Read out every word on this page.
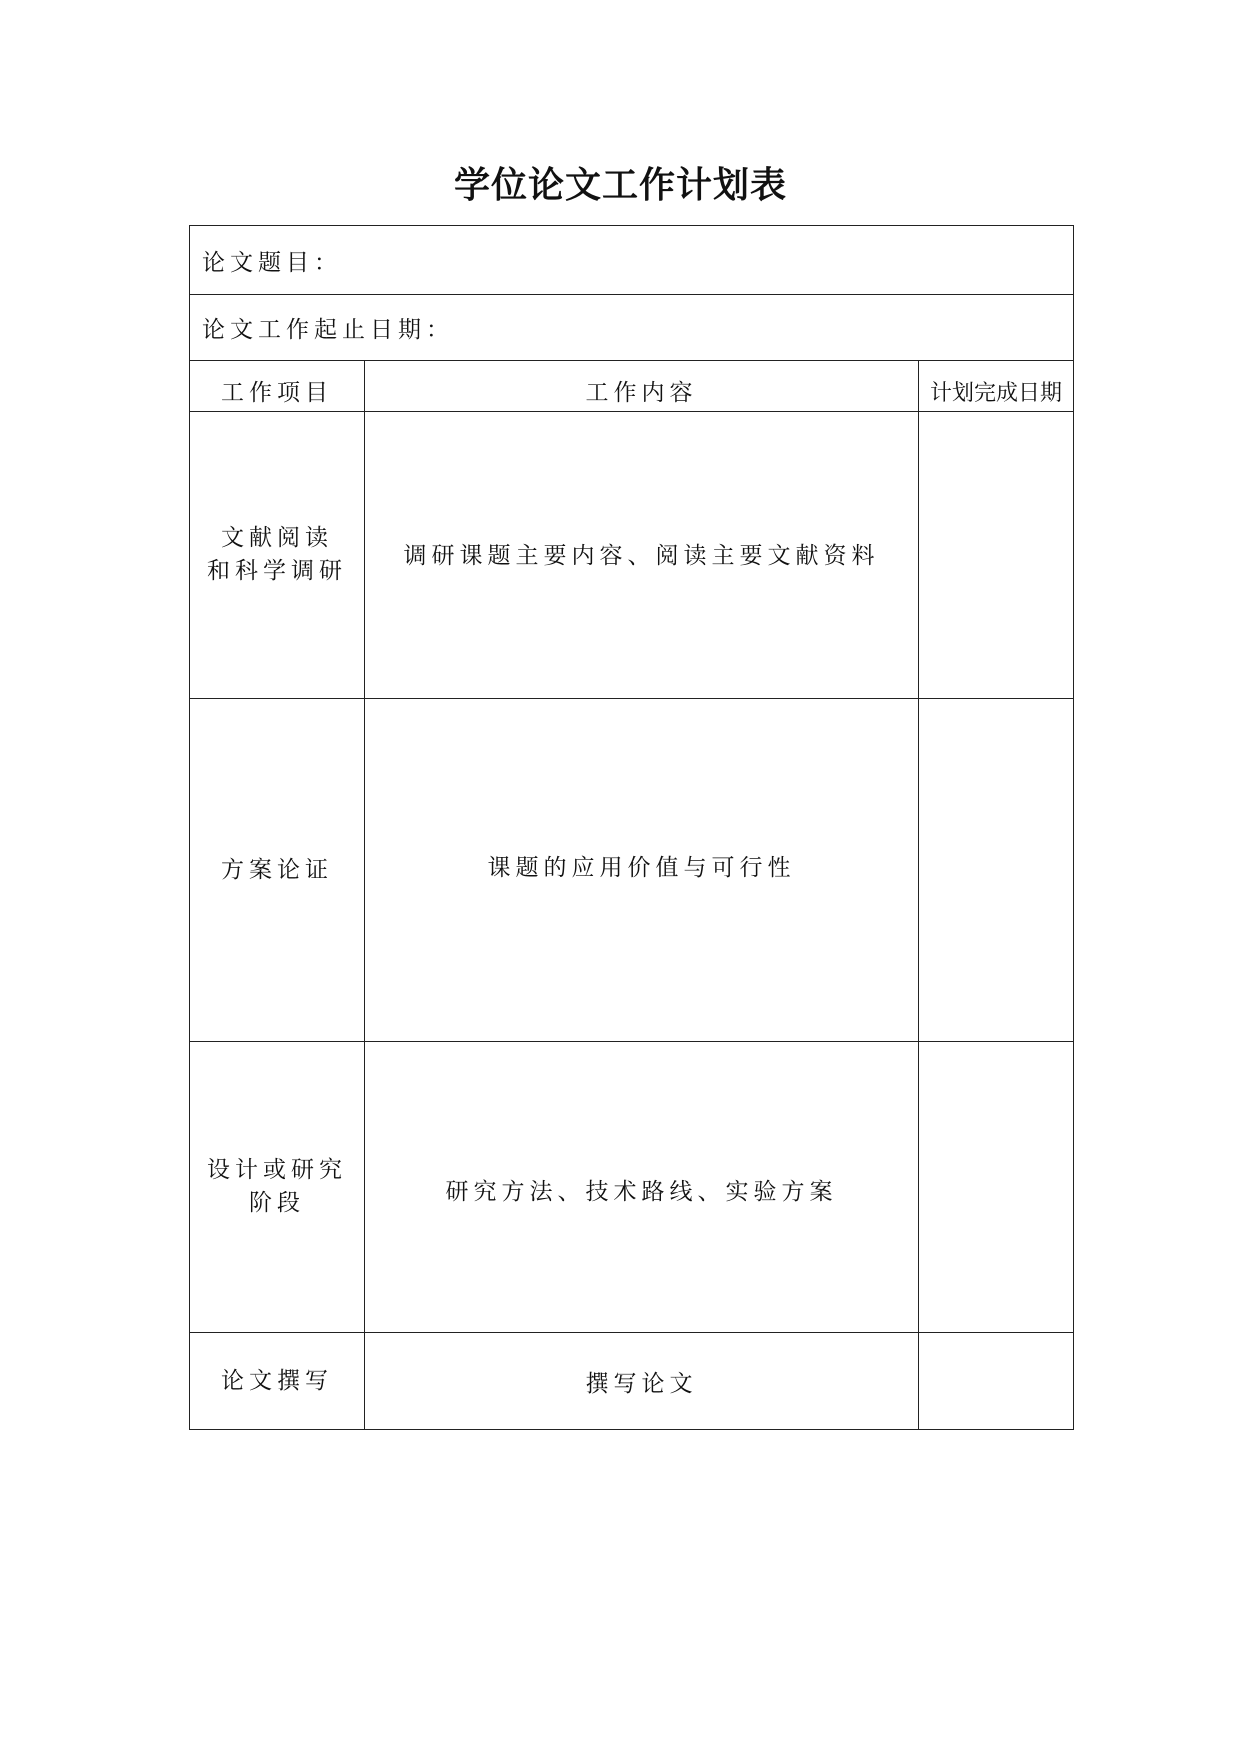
学位论文工作计划表
论文题目：		
论文工作起止日期：		
工作项目	工作内容	计划完成日期

文献阅读
和科学调研	调研课题主要内容、阅读主要文献资料	

方案论证	课题的应用价值与可行性	

设计或研究
阶段	研究方法、技术路线、实验方案	

论文撰写	撰写论文	
